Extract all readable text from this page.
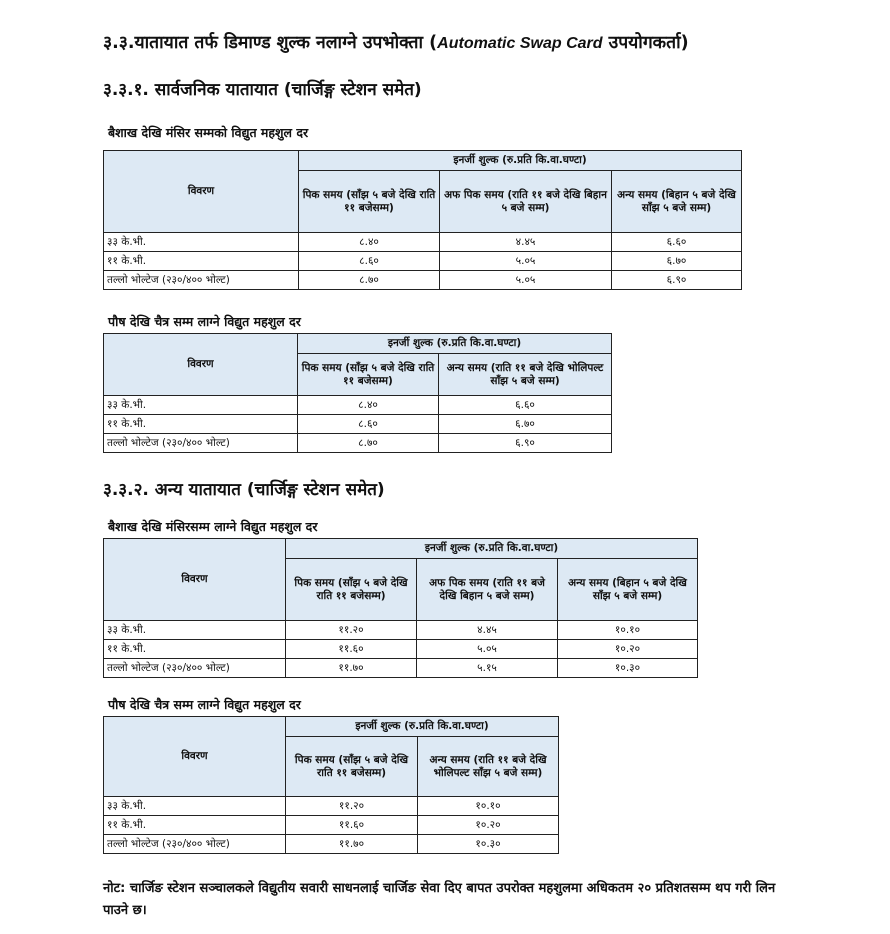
३.३.यातायात तर्फ डिमाण्ड शुल्क नलाग्ने उपभोक्ता (Automatic Swap Card उपयोगकर्ता)
३.३.१. सार्वजनिक यातायात (चार्जिङ्ग स्टेशन समेत)
बैशाख देखि मंसिर सम्मको विद्युत महशुल दर
विवरण	इनर्जी शुल्क (रु.प्रति कि.वा.घण्टा)		
	पिक समय (साँझ ५ बजे देखि राति ११ बजेसम्म)	अफ पिक समय (राति ११ बजे देखि बिहान ५ बजे सम्म)	अन्य समय (बिहान ५ बजे देखि साँझ ५ बजे सम्म)
३३ के.भी.	८.४०	४.४५	६.६०
११ के.भी.	८.६०	५.०५	६.७०
तल्लो भोल्टेज (२३०/४०० भोल्ट)	८.७०	५.०५	६.९०
पौष देखि चैत्र सम्म लाग्ने विद्युत महशुल दर
विवरण	इनर्जी शुल्क (रु.प्रति कि.वा.घण्टा)	
	पिक समय (साँझ ५ बजे देखि राति ११ बजेसम्म)	अन्य समय (राति ११ बजे देखि भोलिपल्ट साँझ ५ बजे सम्म)
३३ के.भी.	८.४०	६.६०
११ के.भी.	८.६०	६.७०
तल्लो भोल्टेज (२३०/४०० भोल्ट)	८.७०	६.९०
३.३.२. अन्य यातायात (चार्जिङ्ग स्टेशन समेत)
बैशाख देखि मंसिरसम्म लाग्ने विद्युत महशुल दर
विवरण	इनर्जी शुल्क (रु.प्रति कि.वा.घण्टा)		
	पिक समय (साँझ ५ बजे देखि राति ११ बजेसम्म)	अफ पिक समय (राति ११ बजे देखि बिहान ५ बजे सम्म)	अन्य समय (बिहान ५ बजे देखि साँझ ५ बजे सम्म)
३३ के.भी.	११.२०	४.४५	१०.१०
११ के.भी.	११.६०	५.०५	१०.२०
तल्लो भोल्टेज (२३०/४०० भोल्ट)	११.७०	५.१५	१०.३०
पौष देखि चैत्र सम्म लाग्ने विद्युत महशुल दर
विवरण	इनर्जी शुल्क (रु.प्रति कि.वा.घण्टा)	
	पिक समय (साँझ ५ बजे देखि राति ११ बजेसम्म)	अन्य समय (राति ११ बजे देखि भोलिपल्ट साँझ ५ बजे सम्म)
३३ के.भी.	११.२०	१०.१०
११ के.भी.	११.६०	१०.२०
तल्लो भोल्टेज (२३०/४०० भोल्ट)	११.७०	१०.३०
नोट: चार्जिङ स्टेशन सञ्चालकले विद्युतीय सवारी साधनलाई चार्जिङ सेवा दिए बापत उपरोक्त महशुलमा अधिकतम २० प्रतिशतसम्म थप गरी लिन पाउने छ।
